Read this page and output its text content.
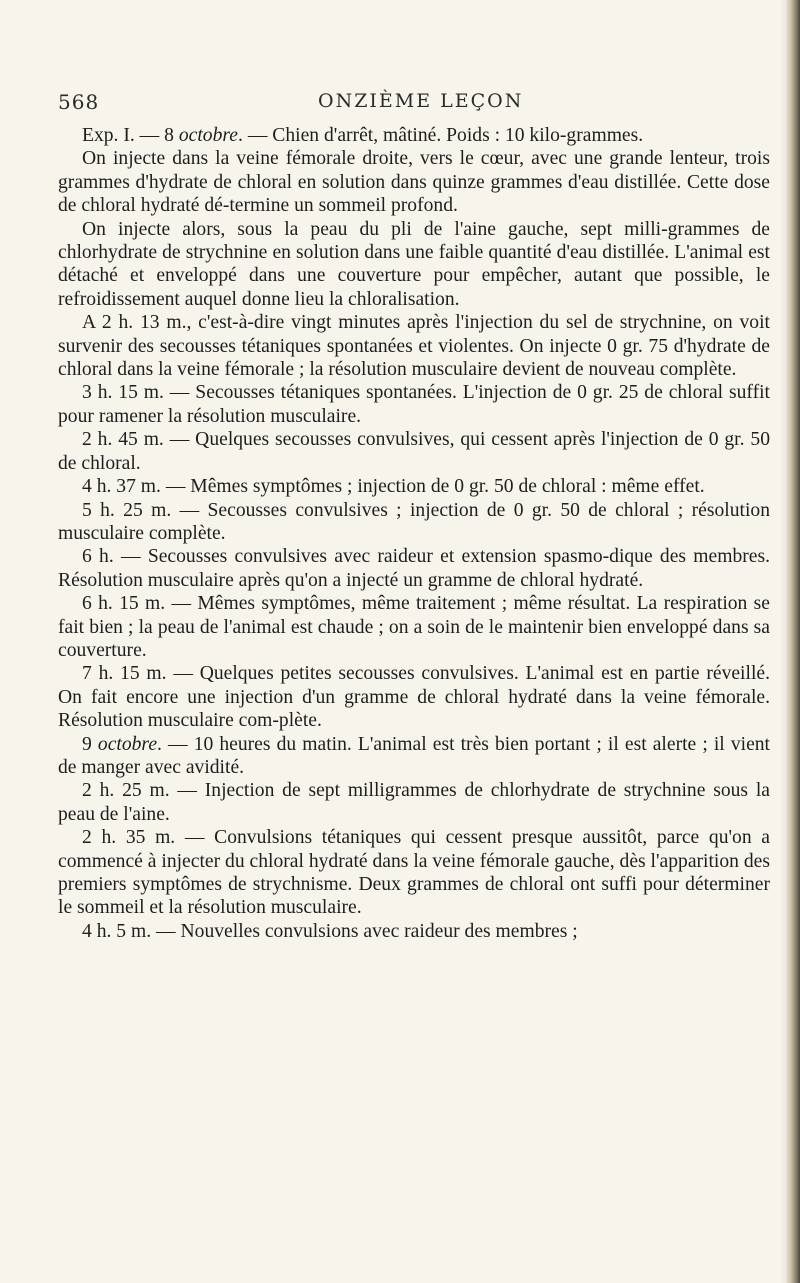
568	ONZIÈME LEÇON

Exp. I. — 8 octobre. — Chien d'arrêt, mâtiné. Poids : 10 kilo-grammes.

On injecte dans la veine fémorale droite, vers le cœur, avec une grande lenteur, trois grammes d'hydrate de chloral en solution dans quinze grammes d'eau distillée. Cette dose de chloral hydraté dé-termine un sommeil profond.

On injecte alors, sous la peau du pli de l'aine gauche, sept milli-grammes de chlorhydrate de strychnine en solution dans une faible quantité d'eau distillée. L'animal est détaché et enveloppé dans une couverture pour empêcher, autant que possible, le refroidissement auquel donne lieu la chloralisation.

A 2 h. 13 m., c'est-à-dire vingt minutes après l'injection du sel de strychnine, on voit survenir des secousses tétaniques spontanées et violentes. On injecte 0 gr. 75 d'hydrate de chloral dans la veine fémorale ; la résolution musculaire devient de nouveau complète.

3 h. 15 m. — Secousses tétaniques spontanées. L'injection de 0 gr. 25 de chloral suffit pour ramener la résolution musculaire.

2 h. 45 m. — Quelques secousses convulsives, qui cessent après l'injection de 0 gr. 50 de chloral.

4 h. 37 m. — Mêmes symptômes ; injection de 0 gr. 50 de chloral : même effet.

5 h. 25 m. — Secousses convulsives ; injection de 0 gr. 50 de chloral ; résolution musculaire complète.

6 h. — Secousses convulsives avec raideur et extension spasmo-dique des membres. Résolution musculaire après qu'on a injecté un gramme de chloral hydraté.

6 h. 15 m. — Mêmes symptômes, même traitement ; même résultat. La respiration se fait bien ; la peau de l'animal est chaude ; on a soin de le maintenir bien enveloppé dans sa couverture.

7 h. 15 m. — Quelques petites secousses convulsives. L'animal est en partie réveillé. On fait encore une injection d'un gramme de chloral hydraté dans la veine fémorale. Résolution musculaire com-plète.

9 octobre. — 10 heures du matin. L'animal est très bien portant ; il est alerte ; il vient de manger avec avidité.

2 h. 25 m. — Injection de sept milligrammes de chlorhydrate de strychnine sous la peau de l'aine.

2 h. 35 m. — Convulsions tétaniques qui cessent presque aussitôt, parce qu'on a commencé à injecter du chloral hydraté dans la veine fémorale gauche, dès l'apparition des premiers symptômes de strychnisme. Deux grammes de chloral ont suffi pour déterminer le sommeil et la résolution musculaire.

4 h. 5 m. — Nouvelles convulsions avec raideur des membres ;
